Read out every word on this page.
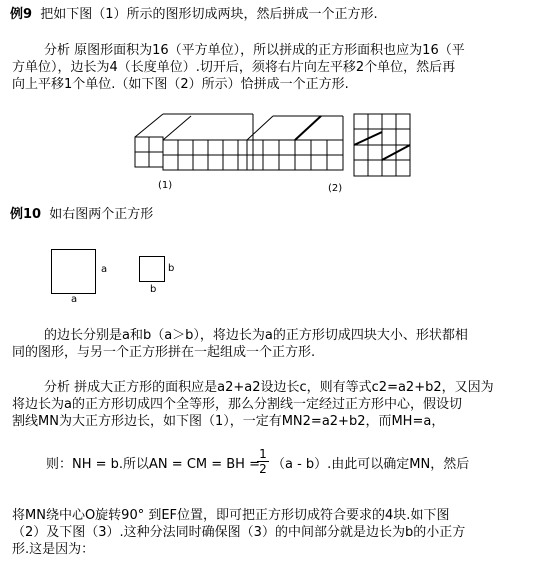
例9 把如下图（1）所示的图形切成两块，然后拼成一个正方形.
分析 原图形面积为16（平方单位），所以拼成的正方形面积也应为16（平
方单位），边长为4（长度单位）.切开后，须将右片向左平移2个单位，然后再
向上平移1个单位.（如下图（2）所示）恰拼成一个正方形.
(1)	(2)
例10 如右图两个正方形
a
a
b
b
的边长分别是a和b（a＞b），将边长为a的正方形切成四块大小、形状都相
同的图形，与另一个正方形拼在一起组成一个正方形.
分析 拼成大正方形的面积应是a2+a2设边长c，则有等式c2=a2+b2，又因为
将边长为a的正方形切成四个全等形，那么分割线一定经过正方形中心，假设切
割线MN为大正方形边长，如下图（1），一定有MN2=a2+b2，而MH=a，
则：NH = b.所以AN = CM = BH =
1
2 （a - b）.由此可以确定MN，然后
将MN绕中心O旋转90° 到EF位置，即可把正方形切成符合要求的4块.如下图
（2）及下图（3）.这种分法同时确保图（3）的中间部分就是边长为b的小正方
形.这是因为：
